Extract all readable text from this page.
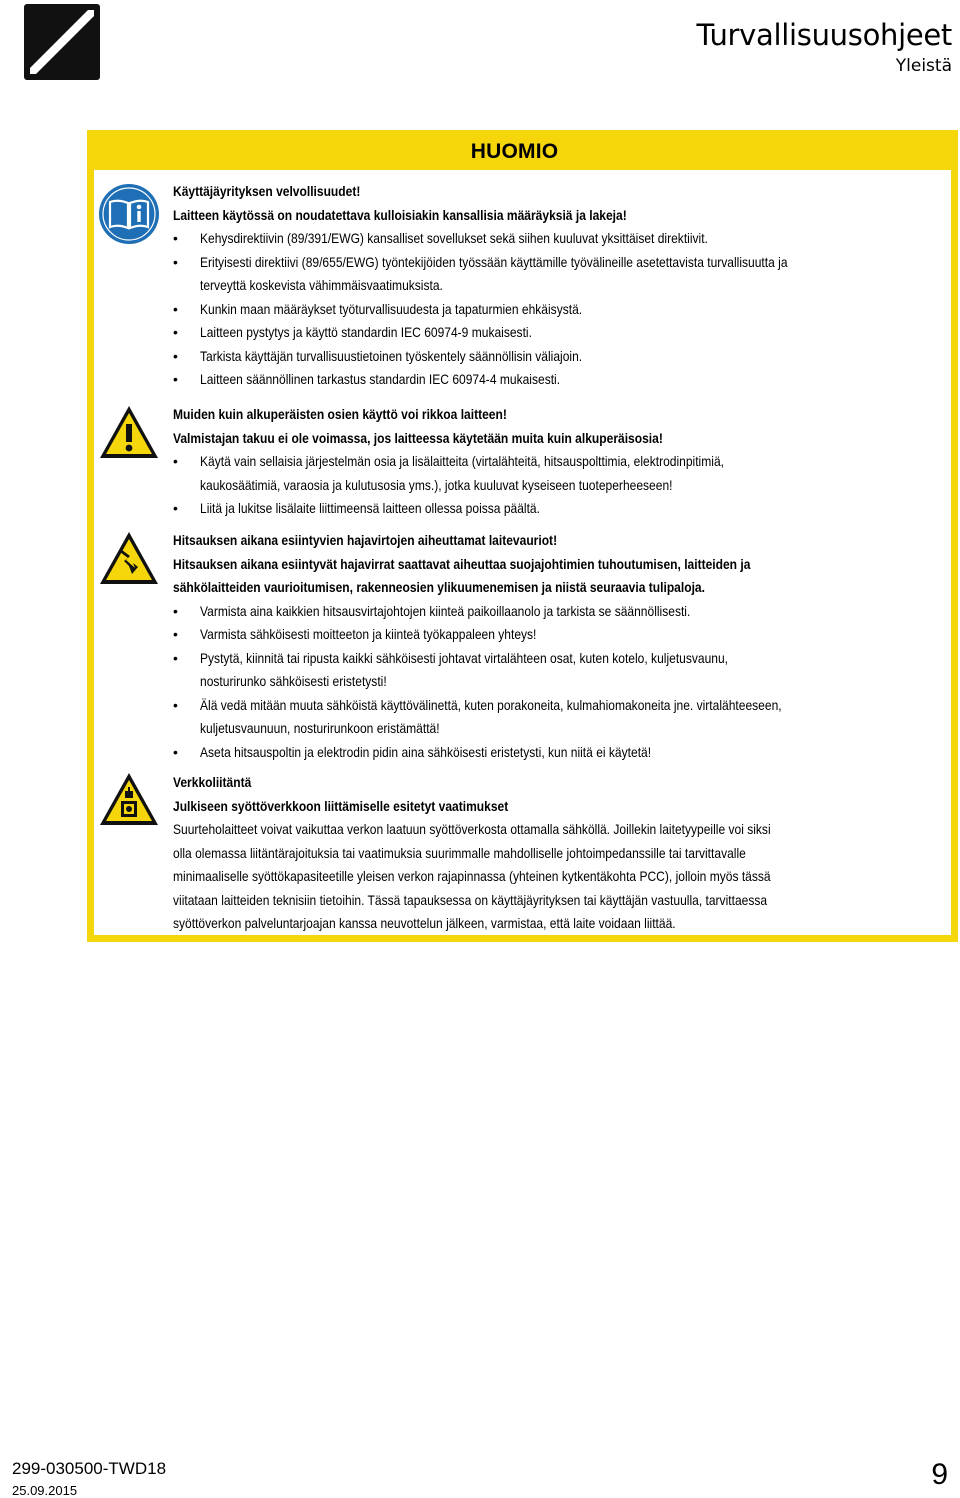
Turvallisuusohjeet
Yleistä
HUOMIO
Käyttäjäyrityksen velvollisuudet!
Laitteen käytössä on noudatettava kulloisiakin kansallisia määräyksiä ja lakeja!
• Kehysdirektiivin (89/391/EWG) kansalliset sovellukset sekä siihen kuuluvat yksittäiset direktiivit.
• Erityisesti direktiivi (89/655/EWG) työntekijöiden työssään käyttämille työvälineille asetettavista turvallisuutta ja
terveyttä koskevista vähimmäisvaatimuksista.
• Kunkin maan määräykset työturvallisuudesta ja tapaturmien ehkäisystä.
• Laitteen pystytys ja käyttö standardin IEC 60974-9 mukaisesti.
• Tarkista käyttäjän turvallisuustietoinen työskentely säännöllisin väliajoin.
• Laitteen säännöllinen tarkastus standardin IEC 60974-4 mukaisesti.
Muiden kuin alkuperäisten osien käyttö voi rikkoa laitteen!
Valmistajan takuu ei ole voimassa, jos laitteessa käytetään muita kuin alkuperäisosia!
• Käytä vain sellaisia järjestelmän osia ja lisälaitteita (virtalähteitä, hitsauspolttimia, elektrodinpitimiä,
kaukosäätimiä, varaosia ja kulutusosia yms.), jotka kuuluvat kyseiseen tuoteperheeseen!
• Liitä ja lukitse lisälaite liittimeensä laitteen ollessa poissa päältä.
Hitsauksen aikana esiintyvien hajavirtojen aiheuttamat laitevauriot!
Hitsauksen aikana esiintyvät hajavirrat saattavat aiheuttaa suojajohtimien tuhoutumisen, laitteiden ja
sähkölaitteiden vaurioitumisen, rakenneosien ylikuumenemisen ja niistä seuraavia tulipaloja.
• Varmista aina kaikkien hitsausvirtajohtojen kiinteä paikoillaanolo ja tarkista se säännöllisesti.
• Varmista sähköisesti moitteeton ja kiinteä työkappaleen yhteys!
• Pystytä, kiinnitä tai ripusta kaikki sähköisesti johtavat virtalähteen osat, kuten kotelo, kuljetusvaunu,
nosturirunko sähköisesti eristetysti!
• Älä vedä mitään muuta sähköistä käyttövälinettä, kuten porakoneita, kulmahiomakoneita jne. virtalähteeseen,
kuljetusvaunuun, nosturirunkoon eristämättä!
• Aseta hitsauspoltin ja elektrodin pidin aina sähköisesti eristetysti, kun niitä ei käytetä!
Verkkoliitäntä
Julkiseen syöttöverkkoon liittämiselle esitetyt vaatimukset
Suurteholaitteet voivat vaikuttaa verkon laatuun syöttöverkosta ottamalla sähköllä. Joillekin laitetyypeille voi siksi
olla olemassa liitäntärajoituksia tai vaatimuksia suurimmalle mahdolliselle johtoimpedanssille tai tarvittavalle
minimaaliselle syöttökapasiteetille yleisen verkon rajapinnassa (yhteinen kytkentäkohta PCC), jolloin myös tässä
viitataan laitteiden teknisiin tietoihin. Tässä tapauksessa on käyttäjäyrityksen tai käyttäjän vastuulla, tarvittaessa
syöttöverkon palveluntarjoajan kanssa neuvottelun jälkeen, varmistaa, että laite voidaan liittää.
299-030500-TWD18
25.09.2015	9
